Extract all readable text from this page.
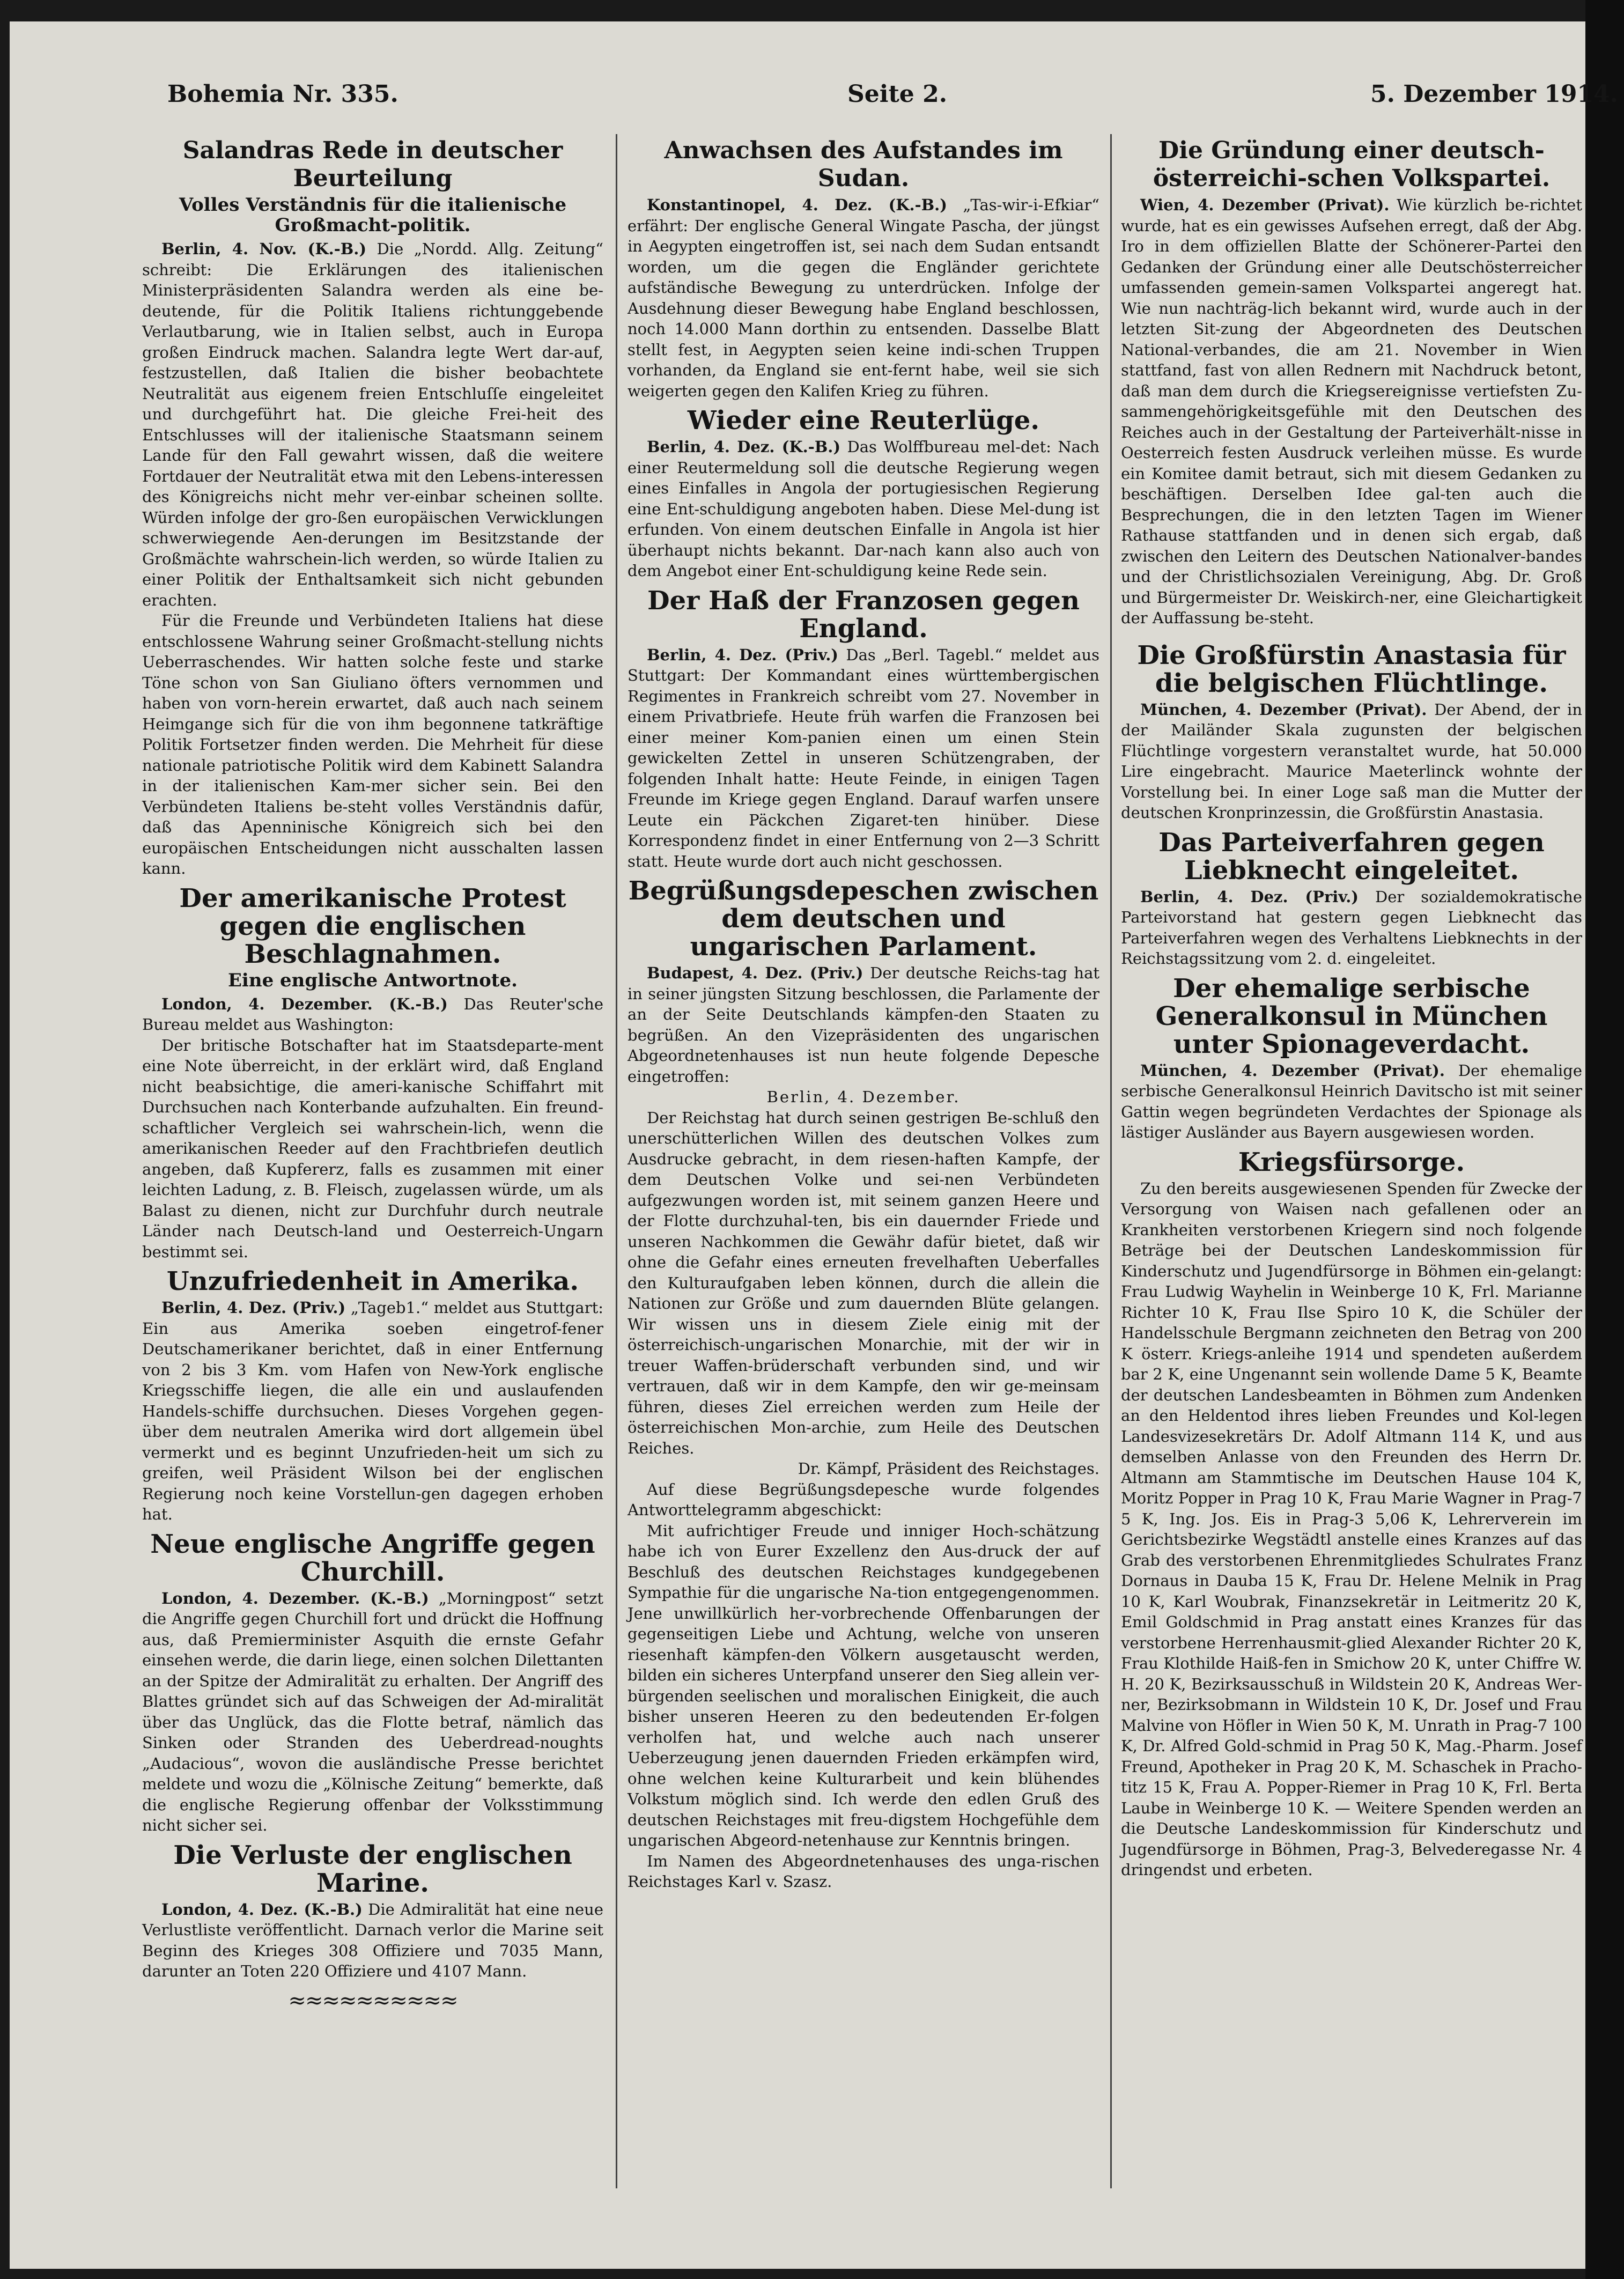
Bohemia Nr. 335.	Seite 2.	5. Dezember 1914.
Salandras Rede in deutscher Beurteilung
Volles Verständnis für die italienische Großmacht-politik.

Berlin, 4. Nov. (K.-B.) Die „Nordd. Allg. Zeitung“ schreibt: Die Erklärungen des italienischen Ministerpräsidenten Salandra werden als eine be-deutende, für die Politik Italiens richtunggebende Verlautbarung, wie in Italien selbst, auch in Europa großen Eindruck machen. Salandra legte Wert dar-auf, festzustellen, daß Italien die bisher beobachtete Neutralität aus eigenem freien Entschluſſe eingeleitet und durchgeführt hat. Die gleiche Frei-heit des Entschlusses will der italienische Staatsmann seinem Lande für den Fall gewahrt wissen, daß die weitere Fortdauer der Neutralität etwa mit den Lebens-interessen des Königreichs nicht mehr ver-einbar scheinen sollte. Würden infolge der gro-ßen europäischen Verwicklungen schwerwiegende Aen-derungen im Besitzstande der Großmächte wahrschein-lich werden, so würde Italien zu einer Politik der Enthaltsamkeit sich nicht gebunden erachten.

Für die Freunde und Verbündeten Italiens hat diese entschlossene Wahrung seiner Großmacht-stellung nichts Ueberraschendes. Wir hatten solche feste und starke Töne schon von San Giuliano öfters vernommen und haben von vorn-herein erwartet, daß auch nach seinem Heimgange sich für die von ihm begonnene tatkräftige Politik Fortsetzer finden werden. Die Mehrheit für diese nationale patriotische Politik wird dem Kabinett Salandra in der italienischen Kam-mer sicher sein. Bei den Verbündeten Italiens be-steht volles Verständnis dafür, daß das Apenninische Königreich sich bei den europäischen Entscheidungen nicht ausschalten lassen kann.

Der amerikanische Protest gegen die englischen Beschlagnahmen.
Eine englische Antwortnote.

London, 4. Dezember. (K.-B.) Das Reuter'sche Bureau meldet aus Washington:

Der britische Botschafter hat im Staatsdeparte-ment eine Note überreicht, in der erklärt wird, daß England nicht beabsichtige, die ameri-kanische Schiffahrt mit Durchsuchen nach Konterbande aufzuhalten. Ein freund-schaftlicher Vergleich sei wahrschein-lich, wenn die amerikanischen Reeder auf den Frachtbriefen deutlich angeben, daß Kupfererz, falls es zusammen mit einer leichten Ladung, z. B. Fleisch, zugelassen würde, um als Balast zu dienen, nicht zur Durchfuhr durch neutrale Länder nach Deutsch-land und Oesterreich-Ungarn bestimmt sei.

Unzufriedenheit in Amerika.

Berlin, 4. Dez. (Priv.) „Tageb1.“ meldet aus Stuttgart: Ein aus Amerika soeben eingetrof-fener Deutschamerikaner berichtet, daß in einer Entfernung von 2 bis 3 Km. vom Hafen von New-York englische Kriegsschiffe liegen, die alle ein und auslaufenden Handels-schiffe durchsuchen. Dieses Vorgehen gegen-über dem neutralen Amerika wird dort allgemein übel vermerkt und es beginnt Unzufrieden-heit um sich zu greifen, weil Präsident Wilson bei der englischen Regierung noch keine Vorstellun-gen dagegen erhoben hat.

Neue englische Angriffe gegen Churchill.

London, 4. Dezember. (K.-B.) „Morningpost“ setzt die Angriffe gegen Churchill fort und drückt die Hoffnung aus, daß Premierminister Asquith die ernste Gefahr einsehen werde, die darin liege, einen solchen Dilettanten an der Spitze der Admiralität zu erhalten. Der Angriff des Blattes gründet sich auf das Schweigen der Ad-miralität über das Unglück, das die Flotte betraf, nämlich das Sinken oder Stranden des Ueberdread-noughts „Audacious“, wovon die ausländische Presse berichtet meldete und wozu die „Kölnische Zeitung“ bemerkte, daß die englische Regierung offenbar der Volksstimmung nicht sicher sei.

Die Verluste der englischen Marine.

London, 4. Dez. (K.-B.) Die Admiralität hat eine neue Verlustliste veröffentlicht. Darnach verlor die Marine seit Beginn des Krieges 308 Offiziere und 7035 Mann, darunter an Toten 220 Offiziere und 4107 Mann.

≈≈≈≈≈≈≈≈≈≈
Anwachsen des Aufstandes im Sudan.

Konstantinopel, 4. Dez. (K.-B.) „Tas-wir-i-Efkiar“ erfährt: Der englische General Wingate Pascha, der jüngst in Aegypten eingetroffen ist, sei nach dem Sudan entsandt worden, um die gegen die Engländer gerichtete aufständische Bewegung zu unterdrücken. Infolge der Ausdehnung dieser Bewegung habe England beschlossen, noch 14.000 Mann dorthin zu entsenden. Dasselbe Blatt stellt fest, in Aegypten seien keine indi-schen Truppen vorhanden, da England sie ent-fernt habe, weil sie sich weigerten gegen den Kalifen Krieg zu führen.

Wieder eine Reuterlüge.

Berlin, 4. Dez. (K.-B.) Das Wolffbureau mel-det: Nach einer Reutermeldung soll die deutsche Regierung wegen eines Einfalles in Angola der portugiesischen Regierung eine Ent-schuldigung angeboten haben. Diese Mel-dung ist erfunden. Von einem deutschen Einfalle in Angola ist hier überhaupt nichts bekannt. Dar-nach kann also auch von dem Angebot einer Ent-schuldigung keine Rede sein.

Der Haß der Franzosen gegen England.

Berlin, 4. Dez. (Priv.) Das „Berl. Tagebl.“ meldet aus Stuttgart: Der Kommandant eines württembergischen Regimentes in Frankreich schreibt vom 27. November in einem Privatbriefe. Heute früh warfen die Franzosen bei einer meiner Kom-panien einen um einen Stein gewickelten Zettel in unseren Schützengraben, der folgenden Inhalt hatte: Heute Feinde, in einigen Tagen Freunde im Kriege gegen England. Darauf warfen unsere Leute ein Päckchen Zigaret-ten hinüber. Diese Korrespondenz findet in einer Entfernung von 2—3 Schritt statt. Heute wurde dort auch nicht geschossen.

Begrüßungsdepeschen zwischen dem deutschen und ungarischen Parlament.

Budapest, 4. Dez. (Priv.) Der deutsche Reichs-tag hat in seiner jüngsten Sitzung beschlossen, die Parlamente der an der Seite Deutschlands kämpfen-den Staaten zu begrüßen. An den Vizepräsidenten des ungarischen Abgeordnetenhauses ist nun heute folgende Depesche eingetroffen:

Berlin, 4. Dezember.

Der Reichstag hat durch seinen gestrigen Be-schluß den unerschütterlichen Willen des deutschen Volkes zum Ausdrucke gebracht, in dem riesen-haften Kampfe, der dem Deutschen Volke und sei-nen Verbündeten aufgezwungen worden ist, mit seinem ganzen Heere und der Flotte durchzuhal-ten, bis ein dauernder Friede und unseren Nachkommen die Gewähr dafür bietet, daß wir ohne die Gefahr eines erneuten frevelhaften Ueberfalles den Kulturaufgaben leben können, durch die allein die Nationen zur Größe und zum dauernden Blüte gelangen. Wir wissen uns in diesem Ziele einig mit der österreichisch-ungarischen Monarchie, mit der wir in treuer Waffen-brüderschaft verbunden sind, und wir vertrauen, daß wir in dem Kampfe, den wir ge-meinsam führen, dieses Ziel erreichen werden zum Heile der österreichischen Mon-archie, zum Heile des Deutschen Reiches.

Dr. Kämpf, Präsident des Reichstages.

Auf diese Begrüßungsdepesche wurde folgendes Antworttelegramm abgeschickt:

Mit aufrichtiger Freude und inniger Hoch-schätzung habe ich von Eurer Exzellenz den Aus-druck der auf Beschluß des deutschen Reichstages kundgegebenen Sympathie für die ungarische Na-tion entgegengenommen. Jene unwillkürlich her-vorbrechende Offenbarungen der gegenseitigen Liebe und Achtung, welche von unseren riesenhaft kämpfen-den Völkern ausgetauscht werden, bilden ein sicheres Unterpfand unserer den Sieg allein ver-bürgenden seelischen und moralischen Einigkeit, die auch bisher unseren Heeren zu den bedeutenden Er-folgen verholfen hat, und welche auch nach unserer Ueberzeugung jenen dauernden Frieden erkämpfen wird, ohne welchen keine Kulturarbeit und kein blühendes Volkstum möglich sind. Ich werde den edlen Gruß des deutschen Reichstages mit freu-digstem Hochgefühle dem ungarischen Abgeord-netenhause zur Kenntnis bringen.

Im Namen des Abgeordnetenhauses des unga-rischen Reichstages Karl v. Szasz.

Die Gründung einer deutsch-österreichi-schen Volkspartei.

Wien, 4. Dezember (Privat). Wie kürzlich be-richtet wurde, hat es ein gewisses Aufsehen erregt, daß der Abg. Iro in dem offiziellen Blatte der Schönerer-Partei den Gedanken der Gründung einer alle Deutschösterreicher umfassenden gemein-samen Volkspartei angeregt hat. Wie nun nachträg-lich bekannt wird, wurde auch in der letzten Sit-zung der Abgeordneten des Deutschen National-verbandes, die am 21. November in Wien stattfand, fast von allen Rednern mit Nachdruck betont, daß man dem durch die Kriegsereignisse vertiefsten Zu-sammengehörigkeitsgefühle mit den Deutschen des Reiches auch in der Gestaltung der Parteiverhält-nisse in Oesterreich festen Ausdruck verleihen müsse. Es wurde ein Komitee damit betraut, sich mit diesem Gedanken zu beschäftigen. Derselben Idee gal-ten auch die Besprechungen, die in den letzten Tagen im Wiener Rathause stattfanden und in denen sich ergab, daß zwischen den Leitern des Deutschen Nationalver-bandes und der Christlichsozialen Vereinigung, Abg. Dr. Groß und Bürgermeister Dr. Weiskirch-ner, eine Gleichartigkeit der Auffassung be-steht.

Die Großfürstin Anastasia für die belgischen Flüchtlinge.

München, 4. Dezember (Privat). Der Abend, der in der Mailänder Skala zugunsten der belgischen Flüchtlinge vorgestern veranstaltet wurde, hat 50.000 Lire eingebracht. Maurice Maeterlinck wohnte der Vorstellung bei. In einer Loge saß man die Mutter der deutschen Kronprinzessin, die Großfürstin Anastasia.

Das Parteiverfahren gegen Liebknecht eingeleitet.

Berlin, 4. Dez. (Priv.) Der sozialdemokratische Parteivorstand hat gestern gegen Liebknecht das Parteiverfahren wegen des Verhaltens Liebknechts in der Reichstagssitzung vom 2. d. eingeleitet.

Der ehemalige serbische Generalkonsul in München unter Spionageverdacht.

München, 4. Dezember (Privat). Der ehemalige serbische Generalkonsul Heinrich Davitscho ist mit seiner Gattin wegen begründeten Verdachtes der Spionage als lästiger Ausländer aus Bayern ausgewiesen worden.

Kriegsfürsorge.

Zu den bereits ausgewiesenen Spenden für Zwecke der Versorgung von Waisen nach gefallenen oder an Krankheiten verstorbenen Kriegern sind noch folgende Beträge bei der Deutschen Landeskommission für Kinderschutz und Jugendfürsorge in Böhmen ein-gelangt: Frau Ludwig Wayhelin in Weinberge 10 K, Frl. Marianne Richter 10 K, Frau Ilse Spiro 10 K, die Schüler der Handelsschule Bergmann zeichneten den Betrag von 200 K österr. Kriegs-anleihe 1914 und spendeten außerdem bar 2 K, eine Ungenannt sein wollende Dame 5 K, Beamte der deutschen Landesbeamten in Böhmen zum Andenken an den Heldentod ihres lieben Freundes und Kol-legen Landesvizesekretärs Dr. Adolf Altmann 114 K, und aus demselben Anlasse von den Freunden des Herrn Dr. Altmann am Stammtische im Deutschen Hause 104 K, Moritz Popper in Prag 10 K, Frau Marie Wagner in Prag-7 5 K, Ing. Jos. Eis in Prag-3 5,06 K, Lehrerverein im Gerichtsbezirke Wegstädtl anstelle eines Kranzes auf das Grab des verstorbenen Ehrenmitgliedes Schulrates Franz Dornaus in Dauba 15 K, Frau Dr. Helene Melnik in Prag 10 K, Karl Woubrak, Finanzsekretär in Leitmeritz 20 K, Emil Goldschmid in Prag anstatt eines Kranzes für das verstorbene Herrenhausmit-glied Alexander Richter 20 K, Frau Klothilde Haiß-fen in Smichow 20 K, unter Chiffre W. H. 20 K, Bezirksausschuß in Wildstein 20 K, Andreas Wer-ner, Bezirksobmann in Wildstein 10 K, Dr. Josef und Frau Malvine von Höfler in Wien 50 K, M. Unrath in Prag-7 100 K, Dr. Alfred Gold-schmid in Prag 50 K, Mag.-Pharm. Josef Freund, Apotheker in Prag 20 K, M. Schaschek in Pracho-titz 15 K, Frau A. Popper-Riemer in Prag 10 K, Frl. Berta Laube in Weinberge 10 K. — Weitere Spenden werden an die Deutsche Landeskommission für Kinderschutz und Jugendfürsorge in Böhmen, Prag-3, Belvederegasse Nr. 4 dringendst und erbeten.
